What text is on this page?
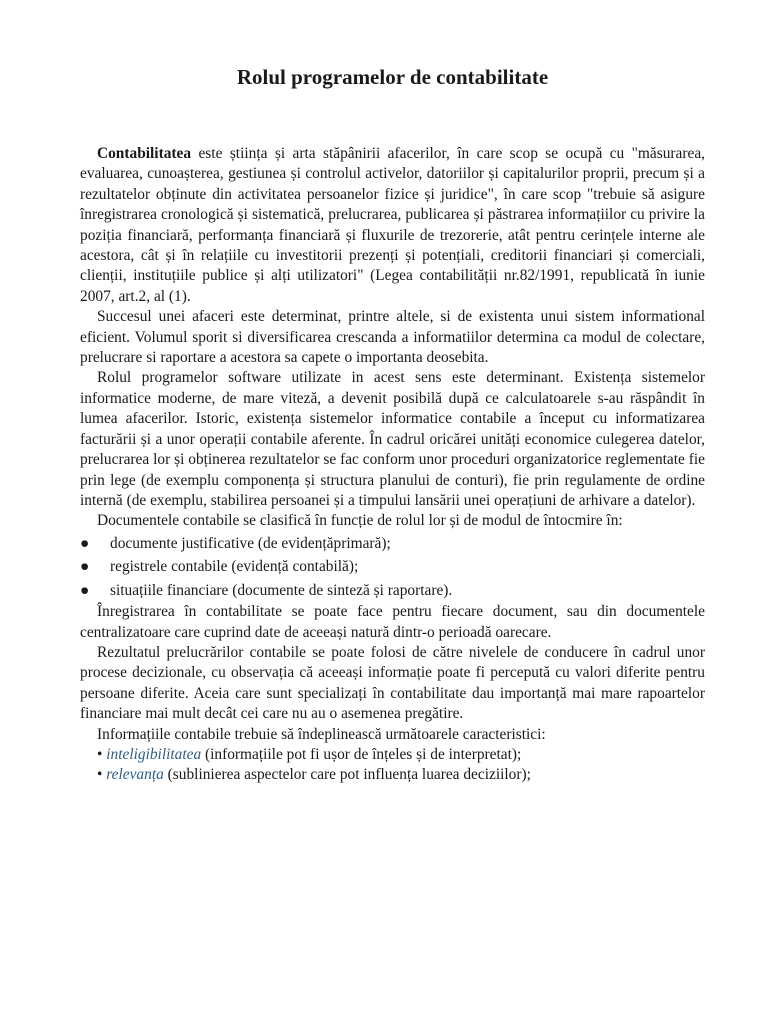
Rolul programelor de contabilitate

Contabilitatea este știința și arta stăpânirii afacerilor, în care scop se ocupă cu "măsurarea, evaluarea, cunoașterea, gestiunea și controlul activelor, datoriilor și capitalurilor proprii, precum și a rezultatelor obținute din activitatea persoanelor fizice și juridice", în care scop "trebuie să asigure înregistrarea cronologică și sistematică, prelucrarea, publicarea și păstrarea informațiilor cu privire la poziția financiară, performanța financiară și fluxurile de trezorerie, atât pentru cerințele interne ale acestora, cât și în relațiile cu investitorii prezenți și potențiali, creditorii financiari și comerciali, clienții, instituțiile publice și alți utilizatori" (Legea contabilității nr.82/1991, republicată în iunie 2007, art.2, al (1).

Succesul unei afaceri este determinat, printre altele, si de existenta unui sistem informational eficient. Volumul sporit si diversificarea crescanda a informatiilor determina ca modul de colectare, prelucrare si raportare a acestora sa capete o importanta deosebita.

Rolul programelor software utilizate in acest sens este determinant. Existența sistemelor informatice moderne, de mare viteză, a devenit posibilă după ce calculatoarele s-au răspândit în lumea afacerilor. Istoric, existența sistemelor informatice contabile a început cu informatizarea facturării și a unor operații contabile aferente. În cadrul oricărei unități economice culegerea datelor, prelucrarea lor și obținerea rezultatelor se fac conform unor proceduri organizatorice reglementate fie prin lege (de exemplu componența și structura planului de conturi), fie prin regulamente de ordine internă (de exemplu, stabilirea persoanei și a timpului lansării unei operațiuni de arhivare a datelor).

Documentele contabile se clasifică în funcție de rolul lor și de modul de întocmire în:

● documente justificative (de evidențăprimară);
● registrele contabile (evidență contabilă);
● situațiile financiare (documente de sinteză și raportare).

Înregistrarea în contabilitate se poate face pentru fiecare document, sau din documentele centralizatoare care cuprind date de aceeași natură dintr-o perioadă oarecare.

Rezultatul prelucrărilor contabile se poate folosi de către nivelele de conducere în cadrul unor procese decizionale, cu observația că aceeași informație poate fi percepută cu valori diferite pentru persoane diferite. Aceia care sunt specializați în contabilitate dau importanță mai mare rapoartelor financiare mai mult decât cei care nu au o asemenea pregătire.

Informațiile contabile trebuie să îndeplinească următoarele caracteristici:

• inteligibilitatea (informațiile pot fi ușor de înțeles și de interpretat);
• relevanța (sublinierea aspectelor care pot influența luarea deciziilor);
